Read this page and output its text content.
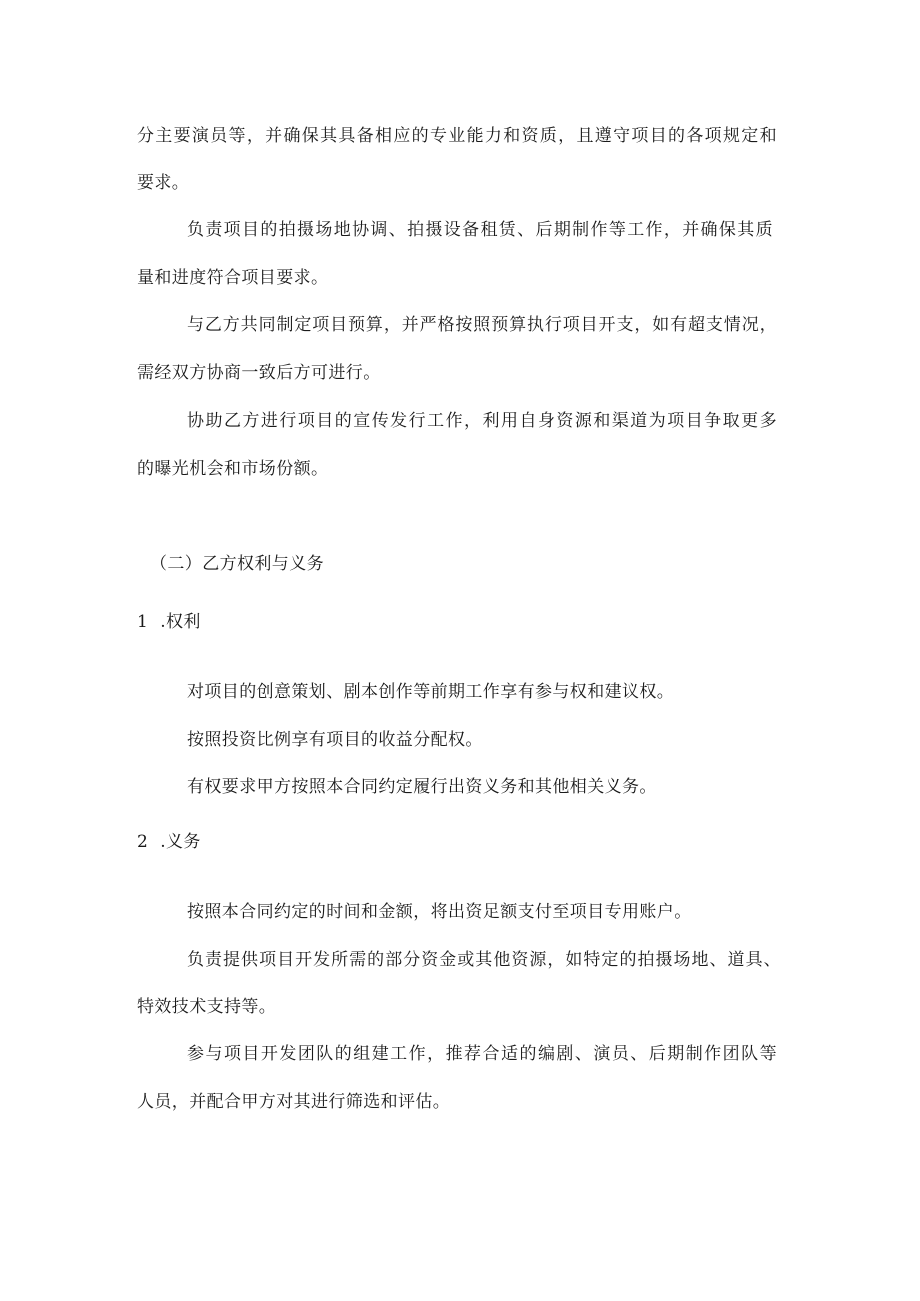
分主要演员等，并确保其具备相应的专业能力和资质，且遵守项目的各项规定和
要求。
负责项目的拍摄场地协调、拍摄设备租赁、后期制作等工作，并确保其质
量和进度符合项目要求。
与乙方共同制定项目预算，并严格按照预算执行项目开支，如有超支情况，
需经双方协商一致后方可进行。
协助乙方进行项目的宣传发行工作，利用自身资源和渠道为项目争取更多
的曝光机会和市场份额。
（二）乙方权利与义务
1 .权利
对项目的创意策划、剧本创作等前期工作享有参与权和建议权。
按照投资比例享有项目的收益分配权。
有权要求甲方按照本合同约定履行出资义务和其他相关义务。
2 .义务
按照本合同约定的时间和金额，将出资足额支付至项目专用账户。
负责提供项目开发所需的部分资金或其他资源，如特定的拍摄场地、道具、
特效技术支持等。
参与项目开发团队的组建工作，推荐合适的编剧、演员、后期制作团队等
人员，并配合甲方对其进行筛选和评估。
